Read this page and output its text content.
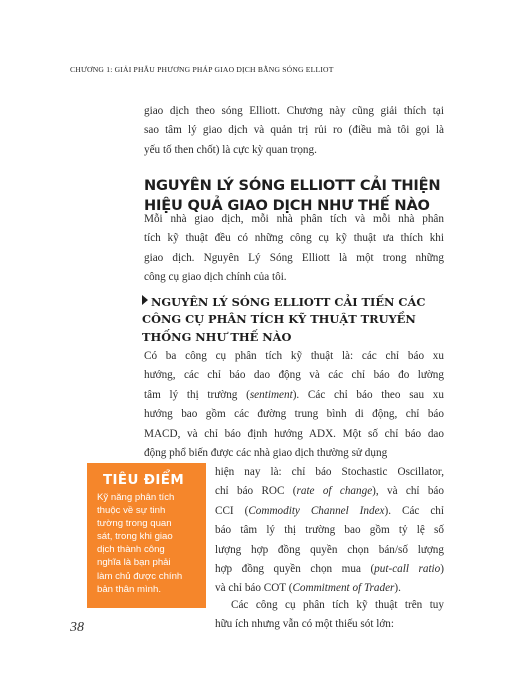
CHƯƠNG 1: GIẢI PHẪU PHƯƠNG PHÁP GIAO DỊCH BẰNG SÓNG ELLIOT
giao dịch theo sóng Elliott. Chương này cũng giải thích tại
sao tâm lý giao dịch và quản trị rủi ro (điều mà tôi gọi là
yếu tố then chốt) là cực kỳ quan trọng.
NGUYÊN LÝ SÓNG ELLIOTT CẢI THIỆN
HIỆU QUẢ GIAO DỊCH NHƯ THẾ NÀO
Mỗi nhà giao dịch, mỗi nhà phân tích và mỗi nhà phân
tích kỹ thuật đều có những công cụ kỹ thuật ưa thích khi
giao dịch. Nguyên Lý Sóng Elliott là một trong những
công cụ giao dịch chính của tôi.
NGUYÊN LÝ SÓNG ELLIOTT CẢI TIẾN CÁC
CÔNG CỤ PHÂN TÍCH KỸ THUẬT TRUYỀN
THỐNG NHƯ THẾ NÀO
Có ba công cụ phân tích kỹ thuật là: các chỉ báo xu
hướng, các chỉ báo dao động và các chỉ báo đo lường
tâm lý thị trường (sentiment). Các chỉ báo theo sau xu
hướng bao gồm các đường trung bình di động, chỉ báo
MACD, và chỉ báo định hướng ADX. Một số chỉ báo dao
động phổ biến được các nhà giao dịch thường sử dụng
hiện nay là: chỉ báo Stochastic Oscillator,
chỉ báo ROC (rate of change), và chỉ báo
CCI (Commodity Channel Index). Các chỉ
báo tâm lý thị trường bao gồm tỷ lệ số
lượng hợp đồng quyền chọn bán/số lượng
hợp đồng quyền chọn mua (put-call ratio)
và chỉ báo COT (Commitment of Trader).
Các công cụ phân tích kỹ thuật trên tuy
hữu ích nhưng vẫn có một thiếu sót lớn:
TIÊU ĐIỂM
Kỹ năng phân tích
thuộc về sự tinh
tường trong quan
sát, trong khi giao
dịch thành công
nghĩa là bạn phải
làm chủ được chính
bản thân mình.
38
